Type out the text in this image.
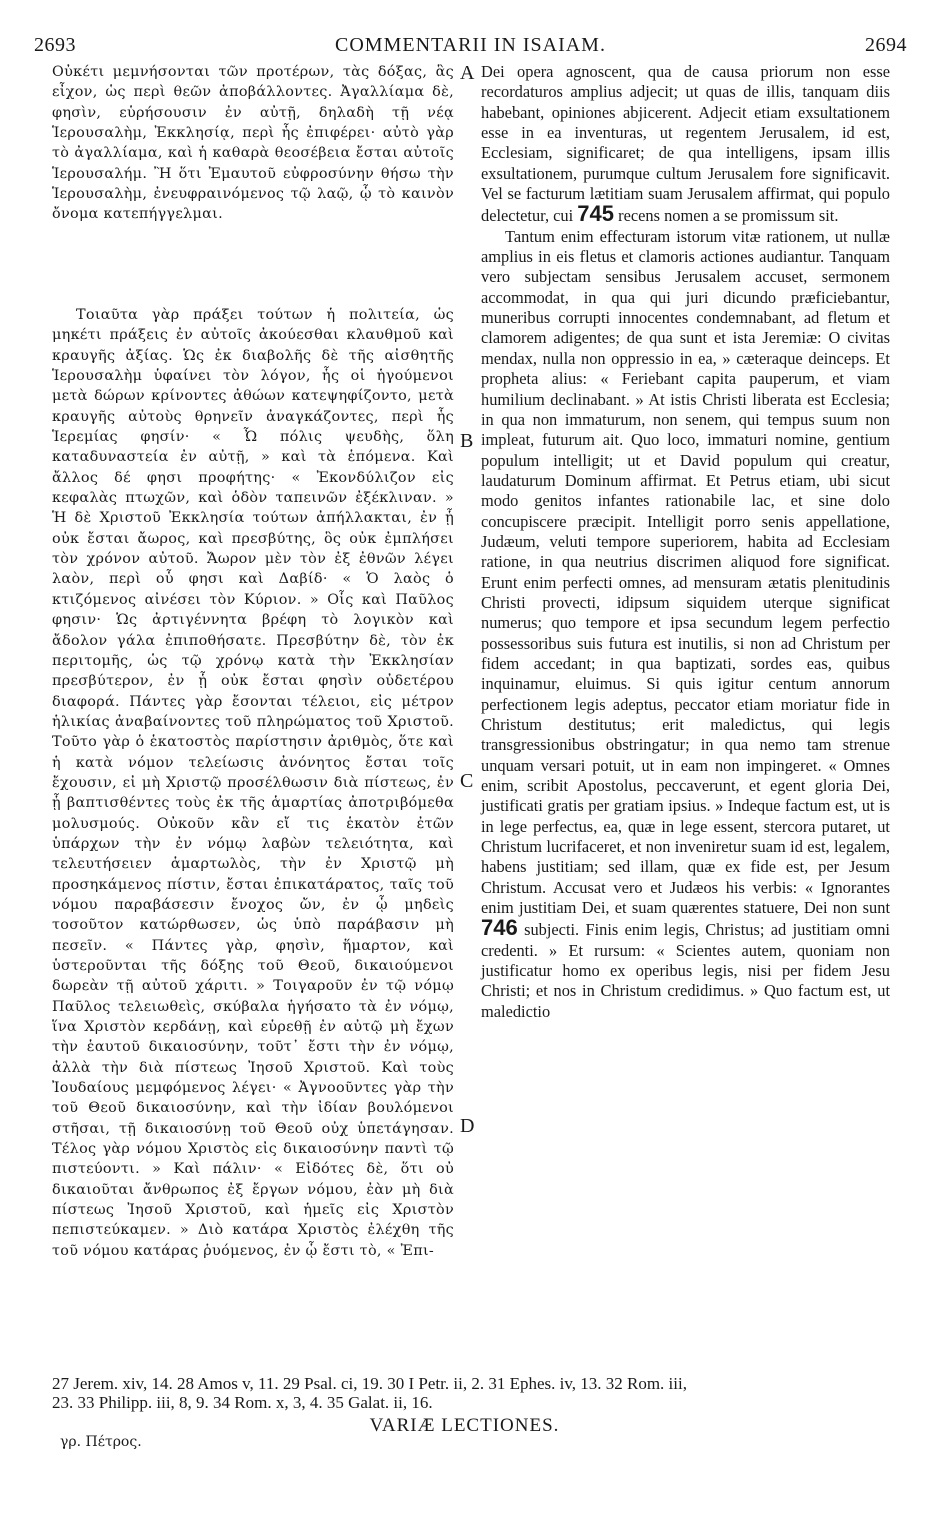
2693	COMMENTARII IN ISAIAM.	2694
A
B
C
D

Οὐκέτι μεμνήσονται τῶν προτέρων, τὰς δόξας, ἃς εἶχον, ὡς περὶ θεῶν ἀποβάλλοντες. Ἀγαλλίαμα δὲ, φησὶν, εὑρήσουσιν ἐν αὐτῇ, δηλαδὴ τῇ νέᾳ Ἱερουσαλὴμ, Ἐκκλησίᾳ, περὶ ἧς ἐπιφέρει· αὐτὸ γὰρ τὸ ἀγαλλίαμα, καὶ ἡ καθαρὰ θεοσέβεια ἔσται αὐτοῖς Ἱερουσαλήμ. Ἢ ὅτι Ἐμαυτοῦ εὐφροσύνην θήσω τὴν Ἱερουσαλὴμ, ἐνευφραινόμενος τῷ λαῷ, ᾧ τὸ καινὸν ὄνομα κατεπήγγελμαι.

Τοιαῦτα γὰρ πράξει τούτων ἡ πολιτεία, ὡς μηκέτι πράξεις ἐν αὐτοῖς ἀκούεσθαι κλαυθμοῦ καὶ κραυγῆς ἀξίας. Ὡς ἐκ διαβολῆς δὲ τῆς αἰσθητῆς Ἱερουσαλὴμ ὑφαίνει τὸν λόγον, ἧς οἱ ἡγούμενοι μετὰ δώρων κρίνοντες ἀθώων κατεψηφίζοντο, μετὰ κραυγῆς αὐτοὺς θρηνεῖν ἀναγκάζοντες, περὶ ἧς Ἱερεμίας φησίν· « Ὦ πόλις ψευδὴς, ὅλη καταδυναστεία ἐν αὐτῇ, » καὶ τὰ ἑπόμενα. Καὶ ἄλλος δέ φησι προφήτης· « Ἐκονδύλιζον εἰς κεφαλὰς πτωχῶν, καὶ ὁδὸν ταπεινῶν ἐξέκλιναν. » Ἡ δὲ Χριστοῦ Ἐκκλησία τούτων ἀπήλλακται, ἐν ᾗ οὐκ ἔσται ἄωρος, καὶ πρεσβύτης, ὃς οὐκ ἐμπλήσει τὸν χρόνον αὐτοῦ. Ἄωρον μὲν τὸν ἐξ ἐθνῶν λέγει λαὸν, περὶ οὗ φησι καὶ Δαβίδ· « Ὁ λαὸς ὁ κτιζόμενος αἰνέσει τὸν Κύριον. » Οἷς καὶ Παῦλος φησιν· Ὡς ἀρτιγέννητα βρέφη τὸ λογικὸν καὶ ἄδολον γάλα ἐπιποθήσατε. Πρεσβύτην δὲ, τὸν ἐκ περιτομῆς, ὡς τῷ χρόνῳ κατὰ τὴν Ἐκκλησίαν πρεσβύτερον, ἐν ᾗ οὐκ ἔσται φησὶν οὐδετέρου διαφορά. Πάντες γὰρ ἔσονται τέλειοι, εἰς μέτρον ἡλικίας ἀναβαίνοντες τοῦ πληρώματος τοῦ Χριστοῦ. Τοῦτο γὰρ ὁ ἑκατοστὸς παρίστησιν ἀριθμὸς, ὅτε καὶ ἡ κατὰ νόμον τελείωσις ἀνόνητος ἔσται τοῖς ἔχουσιν, εἰ μὴ Χριστῷ προσέλθωσιν διὰ πίστεως, ἐν ᾗ βαπτισθέντες τοὺς ἐκ τῆς ἁμαρτίας ἀποτριβόμεθα μολυσμούς. Οὐκοῦν κἂν εἴ τις ἑκατὸν ἐτῶν ὑπάρχων τὴν ἐν νόμῳ λαβὼν τελειότητα, καὶ τελευτήσειεν ἁμαρτωλὸς, τὴν ἐν Χριστῷ μὴ προσηκάμενος πίστιν, ἔσται ἐπικατάρατος, ταῖς τοῦ νόμου παραβάσεσιν ἔνοχος ὤν, ἐν ᾧ μηδεὶς τοσοῦτον κατώρθωσεν, ὡς ὑπὸ παράβασιν μὴ πεσεῖν. « Πάντες γὰρ, φησὶν, ἥμαρτον, καὶ ὑστεροῦνται τῆς δόξης τοῦ Θεοῦ, δικαιούμενοι δωρεὰν τῇ αὐτοῦ χάριτι. » Τοιγαροῦν ἐν τῷ νόμῳ Παῦλος τελειωθεὶς, σκύβαλα ἡγήσατο τὰ ἐν νόμῳ, ἵνα Χριστὸν κερδάνῃ, καὶ εὑρεθῇ ἐν αὐτῷ μὴ ἔχων τὴν ἑαυτοῦ δικαιοσύνην, τοῦτ᾽ ἔστι τὴν ἐν νόμῳ, ἀλλὰ τὴν διὰ πίστεως Ἰησοῦ Χριστοῦ. Καὶ τοὺς Ἰουδαίους μεμφόμενος λέγει· « Ἀγνοοῦντες γὰρ τὴν τοῦ Θεοῦ δικαιοσύνην, καὶ τὴν ἰδίαν βουλόμενοι στῆσαι, τῇ δικαιοσύνῃ τοῦ Θεοῦ οὐχ ὑπετάγησαν. Τέλος γὰρ νόμου Χριστὸς εἰς δικαιοσύνην παντὶ τῷ πιστεύοντι. » Καὶ πάλιν· « Εἰδότες δὲ, ὅτι οὐ δικαιοῦται ἄνθρωπος ἐξ ἔργων νόμου, ἐὰν μὴ διὰ πίστεως Ἰησοῦ Χριστοῦ, καὶ ἡμεῖς εἰς Χριστὸν πεπιστεύκαμεν. » Διὸ κατάρα Χριστὸς ἐλέχθη τῆς τοῦ νόμου κατάρας ῥυόμενος, ἐν ᾧ ἔστι τὸ, « Ἐπι-

Dei opera agnoscent, qua de causa priorum non esse recordaturos amplius adjecit; ut quas de illis, tanquam diis habebant, opiniones abjicerent. Adjecit etiam exsultationem esse in ea inventuras, ut regentem Jerusalem, id est, Ecclesiam, significaret; de qua intelligens, ipsam illis exsultationem, purumque cultum Jerusalem fore significavit. Vel se facturum lætitiam suam Jerusalem affirmat, qui populo delectetur, cui 745 recens nomen a se promissum sit.

Tantum enim effecturam istorum vitæ rationem, ut nullæ amplius in eis fletus et clamoris actiones audiantur. Tanquam vero subjectam sensibus Jerusalem accuset, sermonem accommodat, in qua qui juri dicundo præficiebantur, muneribus corrupti innocentes condemnabant, ad fletum et clamorem adigentes; de qua sunt et ista Jeremiæ: O civitas mendax, nulla non oppressio in ea, » cæteraque deinceps. Et propheta alius: « Feriebant capita pauperum, et viam humilium declinabant. » At istis Christi liberata est Ecclesia; in qua non immaturum, non senem, qui tempus suum non impleat, futurum ait. Quo loco, immaturi nomine, gentium populum intelligit; ut et David populum qui creatur, laudaturum Dominum affirmat. Et Petrus etiam, ubi sicut modo genitos infantes rationabile lac, et sine dolo concupiscere præcipit. Intelligit porro senis appellatione, Judæum, veluti tempore superiorem, habita ad Ecclesiam ratione, in qua neutrius discrimen aliquod fore significat. Erunt enim perfecti omnes, ad mensuram ætatis plenitudinis Christi provecti, idipsum siquidem uterque significat numerus; quo tempore et ipsa secundum legem perfectio possessoribus suis futura est inutilis, si non ad Christum per fidem accedant; in qua baptizati, sordes eas, quibus inquinamur, eluimus. Si quis igitur centum annorum perfectionem legis adeptus, peccator etiam moriatur fide in Christum destitutus; erit maledictus, qui legis transgressionibus obstringatur; in qua nemo tam strenue unquam versari potuit, ut in eam non impingeret. « Omnes enim, scribit Apostolus, peccaverunt, et egent gloria Dei, justificati gratis per gratiam ipsius. » Indeque factum est, ut is in lege perfectus, ea, quæ in lege essent, stercora putaret, ut Christum lucrifaceret, et non inveniretur suam id est, legalem, habens justitiam; sed illam, quæ ex fide est, per Jesum Christum. Accusat vero et Judæos his verbis: « Ignorantes enim justitiam Dei, et suam quærentes statuere, Dei non sunt 746 subjecti. Finis enim legis, Christus; ad justitiam omni credenti. » Et rursum: « Scientes autem, quoniam non justificatur homo ex operibus legis, nisi per fidem Jesu Christi; et nos in Christum credidimus. » Quo factum est, ut maledictio

27 Jerem. xiv, 14. 28 Amos v, 11. 29 Psal. ci, 19. 30 I Petr. ii, 2. 31 Ephes. iv, 13. 32 Rom. iii,

23. 33 Philipp. iii, 8, 9. 34 Rom. x, 3, 4. 35 Galat. ii, 16.

VARIÆ LECTIONES.
γρ. Πέτρος.
